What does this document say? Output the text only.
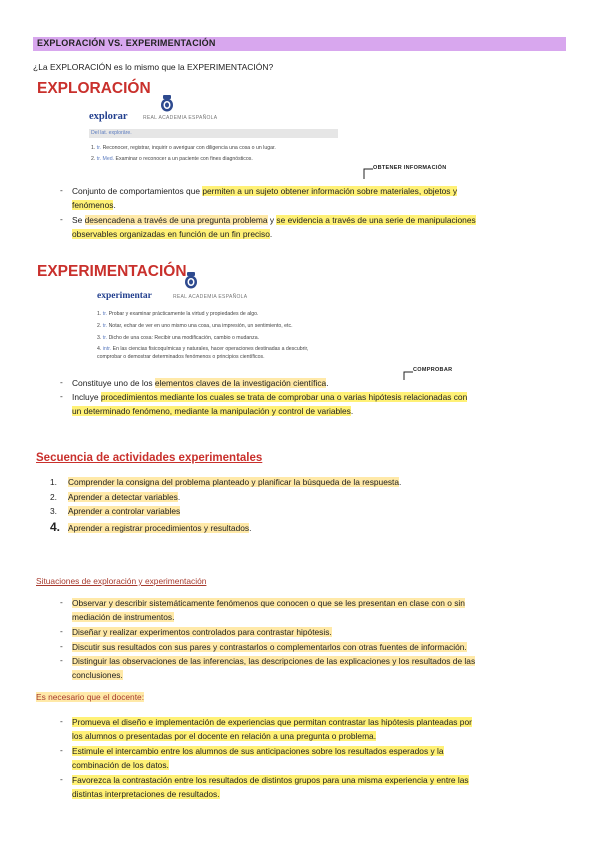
EXPLORACIÓN VS. EXPERIMENTACIÓN
¿La EXPLORACIÓN es lo mismo que la EXPERIMENTACIÓN?
EXPLORACIÓN
explorar	REAL ACADEMIA ESPAÑOLA
Del lat. explorāre.
1. tr. Reconocer, registrar, inquirir o averiguar con diligencia una cosa o un lugar.
2. tr. Med. Examinar o reconocer a un paciente con fines diagnósticos.
OBTENER INFORMACIÓN
- Conjunto de comportamientos que permiten a un sujeto obtener información sobre materiales, objetos y
fenómenos.
- Se desencadena a través de una pregunta problema y se evidencia a través de una serie de manipulaciones
observables organizadas en función de un fin preciso.
EXPERIMENTACIÓN
experimentar	REAL ACADEMIA ESPAÑOLA
1. tr. Probar y examinar prácticamente la virtud y propiedades de algo.
2. tr. Notar, echar de ver en uno mismo una cosa, una impresión, un sentimiento, etc.
3. tr. Dicho de una cosa: Recibir una modificación, cambio o mudanza.
4. intr. En las ciencias fisicoquímicas y naturales, hacer operaciones destinadas a descubrir,
comprobar o demostrar determinados fenómenos o principios científicos.
COMPROBAR
- Constituye uno de los elementos claves de la investigación científica.
- Incluye procedimientos mediante los cuales se trata de comprobar una o varias hipótesis relacionadas con
un determinado fenómeno, mediante la manipulación y control de variables.
Secuencia de actividades experimentales
1. Comprender la consigna del problema planteado y planificar la búsqueda de la respuesta.
2. Aprender a detectar variables.
3. Aprender a controlar variables
4. Aprender a registrar procedimientos y resultados.
Situaciones de exploración y experimentación
- Observar y describir sistemáticamente fenómenos que conocen o que se les presentan en clase con o sin
mediación de instrumentos.
- Diseñar y realizar experimentos controlados para contrastar hipótesis.
- Discutir sus resultados con sus pares y contrastarlos o complementarlos con otras fuentes de información.
- Distinguir las observaciones de las inferencias, las descripciones de las explicaciones y los resultados de las
conclusiones.
Es necesario que el docente:
- Promueva el diseño e implementación de experiencias que permitan contrastar las hipótesis planteadas por
los alumnos o presentadas por el docente en relación a una pregunta o problema.
- Estimule el intercambio entre los alumnos de sus anticipaciones sobre los resultados esperados y la
combinación de los datos.
- Favorezca la contrastación entre los resultados de distintos grupos para una misma experiencia y entre las
distintas interpretaciones de resultados.
